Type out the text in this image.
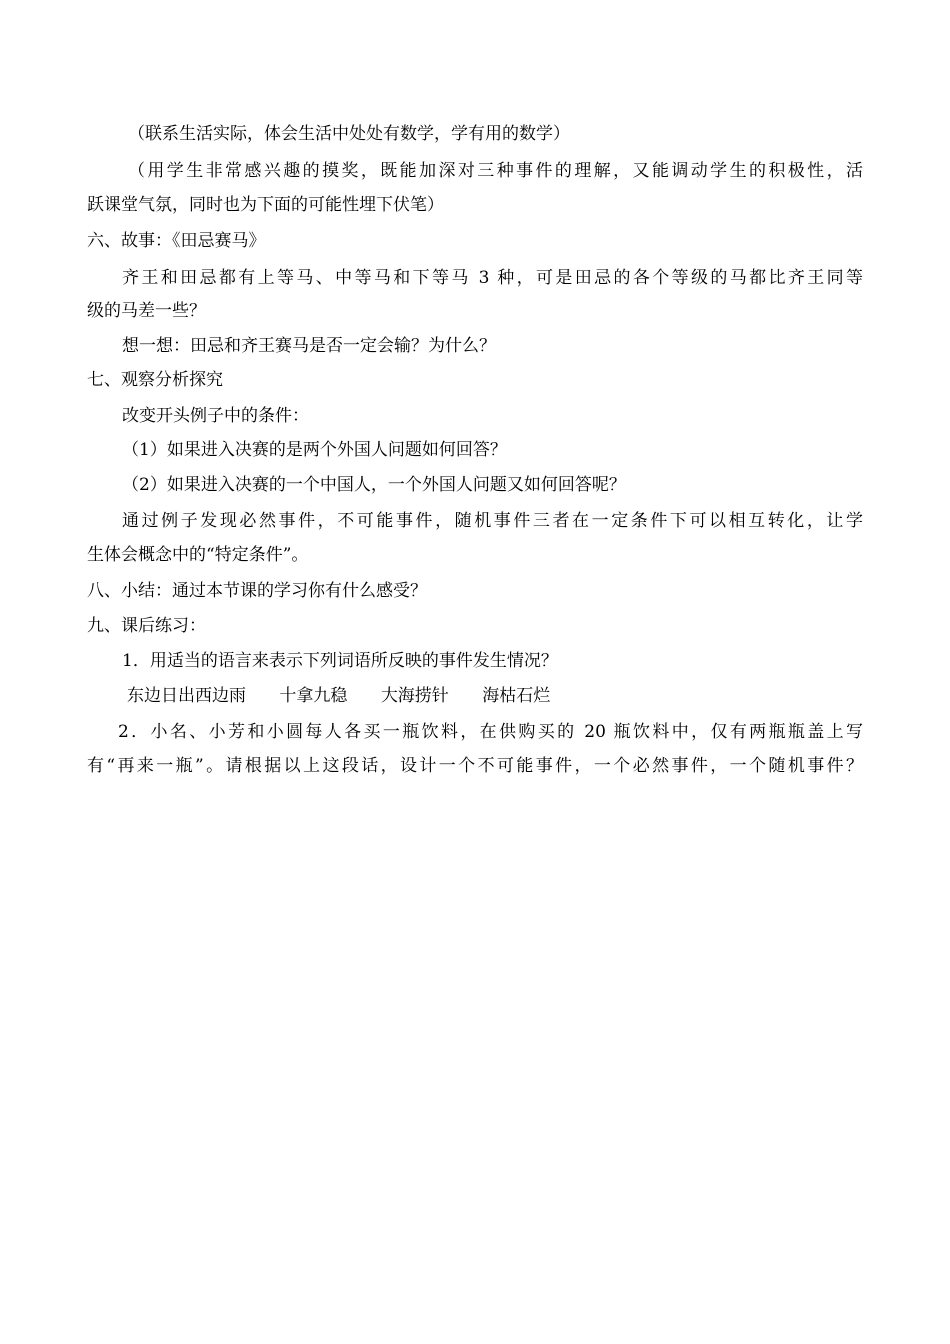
（联系生活实际，体会生活中处处有数学，学有用的数学）
（用学生非常感兴趣的摸奖，既能加深对三种事件的理解，又能调动学生的积极性，活
跃课堂气氛，同时也为下面的可能性埋下伏笔）
六、故事：《田忌赛马》
齐王和田忌都有上等马、中等马和下等马 3 种，可是田忌的各个等级的马都比齐王同等
级的马差一些？
想一想：田忌和齐王赛马是否一定会输？为什么？
七、观察分析探究
改变开头例子中的条件：
（1）如果进入决赛的是两个外国人问题如何回答？
（2）如果进入决赛的一个中国人，一个外国人问题又如何回答呢？
通过例子发现必然事件，不可能事件，随机事件三者在一定条件下可以相互转化，让学
生体会概念中的“特定条件”。
八、小结：通过本节课的学习你有什么感受？
九、课后练习：
1．用适当的语言来表示下列词语所反映的事件发生情况？
东边日出西边雨 十拿九稳 大海捞针 海枯石烂
2．小名、小芳和小圆每人各买一瓶饮料，在供购买的 20 瓶饮料中，仅有两瓶瓶盖上写
有“再来一瓶”。请根据以上这段话，设计一个不可能事件，一个必然事件，一个随机事件？
